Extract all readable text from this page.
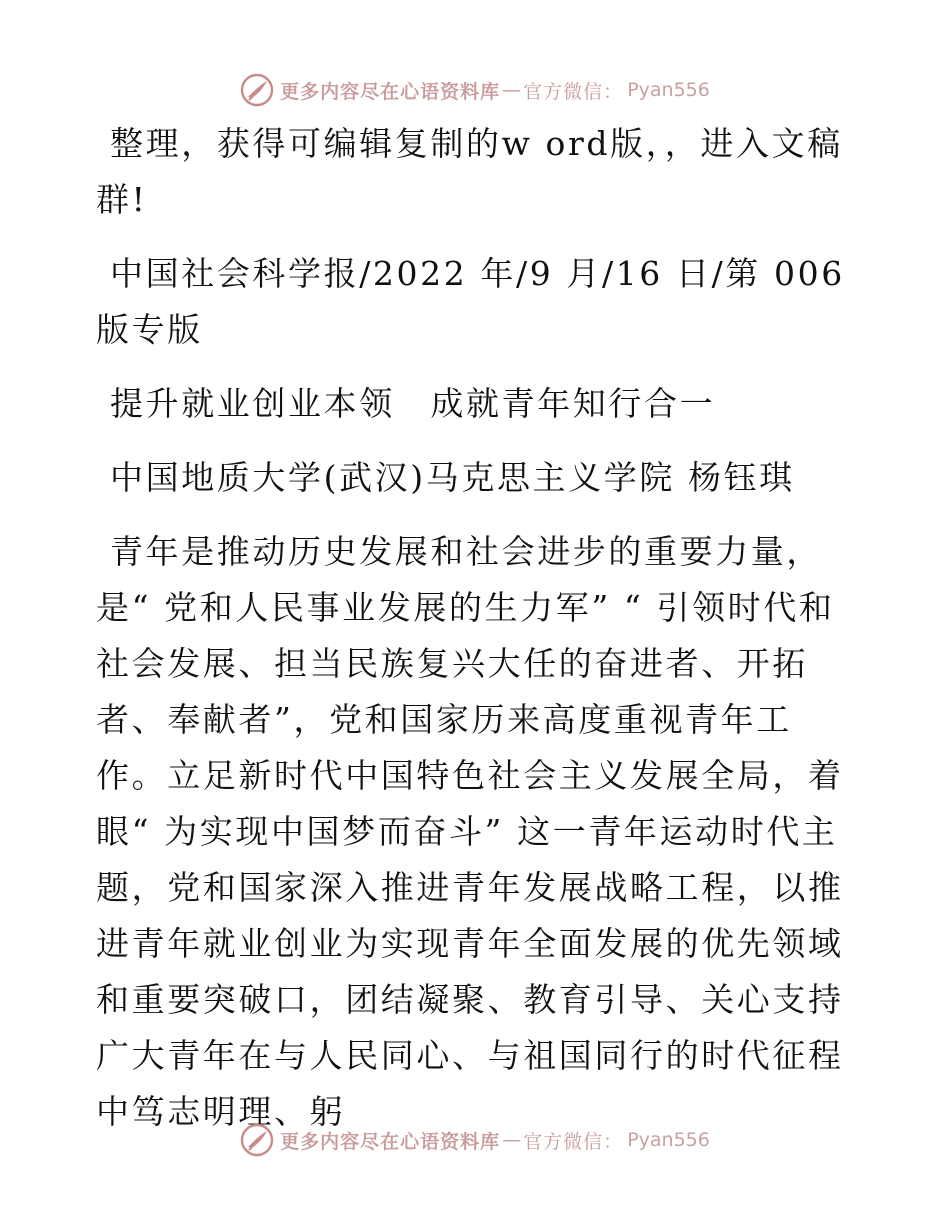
更多内容尽在心语资料库 — 官方微信： Pyan556

整理，获得可编辑复制的w ord版，，进入文稿群!

中国社会科学报/2022 年/9 月/16 日/第 006 版专版

提升就业创业本领　成就青年知行合一

中国地质大学(武汉)马克思主义学院 杨钰琪

青年是推动历史发展和社会进步的重要力量，是“ 党和人民事业发展的生力军” “ 引领时代和社会发展、担当民族复兴大任的奋进者、开拓者、奉献者”，党和国家历来高度重视青年工作。立足新时代中国特色社会主义发展全局，着眼“ 为实现中国梦而奋斗” 这一青年运动时代主题，党和国家深入推进青年发展战略工程，以推进青年就业创业为实现青年全面发展的优先领域和重要突破口，团结凝聚、教育引导、关心支持广大青年在与人民同心、与祖国同行的时代征程中笃志明理、躬

更多内容尽在心语资料库 — 官方微信： Pyan556
